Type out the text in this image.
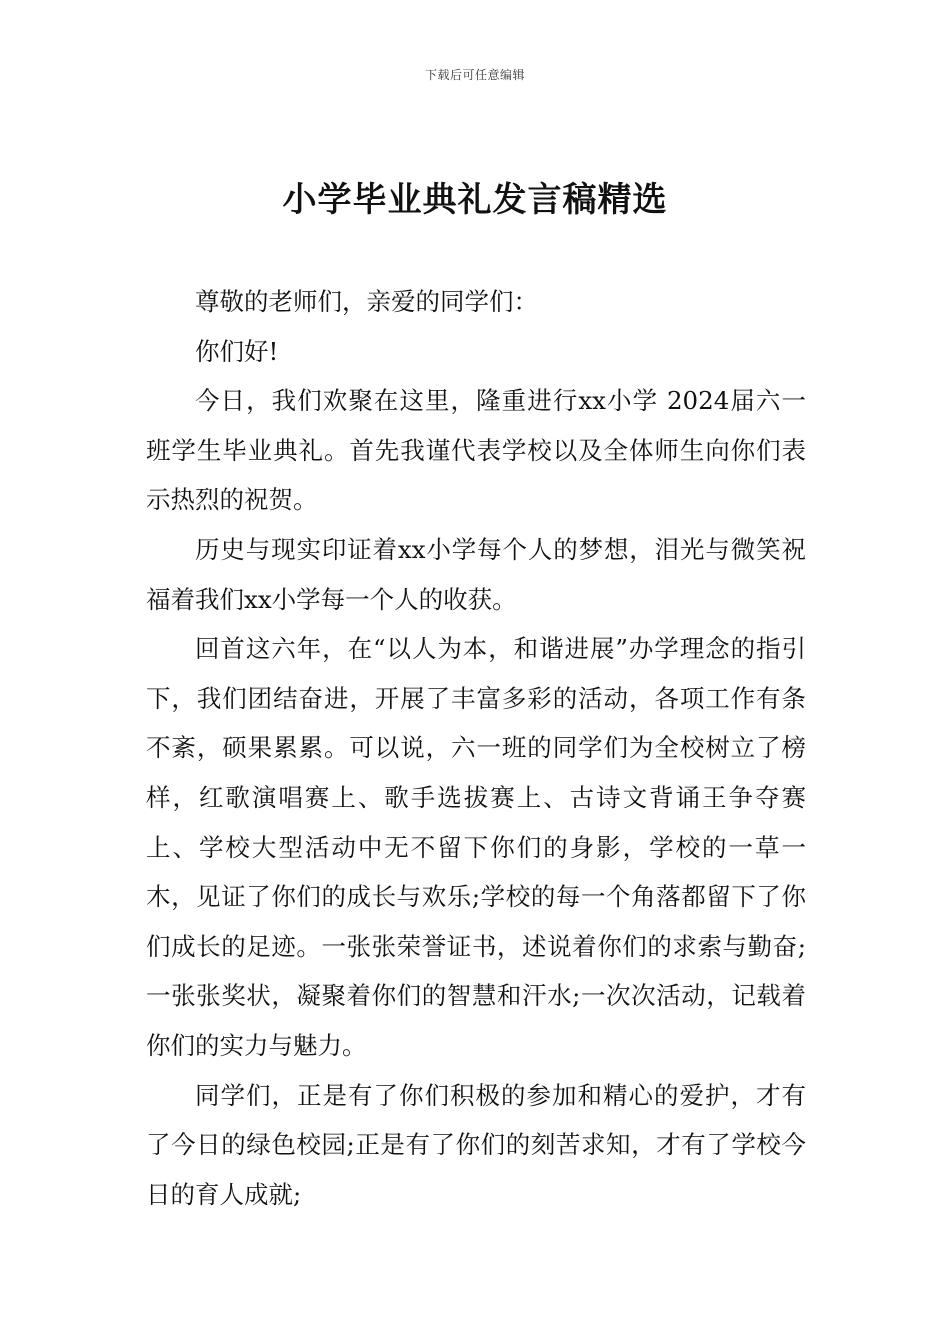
下载后可任意编辑
小学毕业典礼发言稿精选

尊敬的老师们，亲爱的同学们：

你们好!

今日，我们欢聚在这里，隆重进行xx小学 2024届六一班学生毕业典礼。首先我谨代表学校以及全体师生向你们表示热烈的祝贺。

历史与现实印证着xx小学每个人的梦想，泪光与微笑祝福着我们xx小学每一个人的收获。

回首这六年，在“以人为本，和谐进展”办学理念的指引下，我们团结奋进，开展了丰富多彩的活动，各项工作有条不紊，硕果累累。可以说，六一班的同学们为全校树立了榜样，红歌演唱赛上、歌手选拔赛上、古诗文背诵王争夺赛上、学校大型活动中无不留下你们的身影，学校的一草一木，见证了你们的成长与欢乐;学校的每一个角落都留下了你们成长的足迹。一张张荣誉证书，述说着你们的求索与勤奋;一张张奖状，凝聚着你们的智慧和汗水;一次次活动，记载着你们的实力与魅力。

同学们，正是有了你们积极的参加和精心的爱护，才有了今日的绿色校园;正是有了你们的刻苦求知，才有了学校今日的育人成就;
